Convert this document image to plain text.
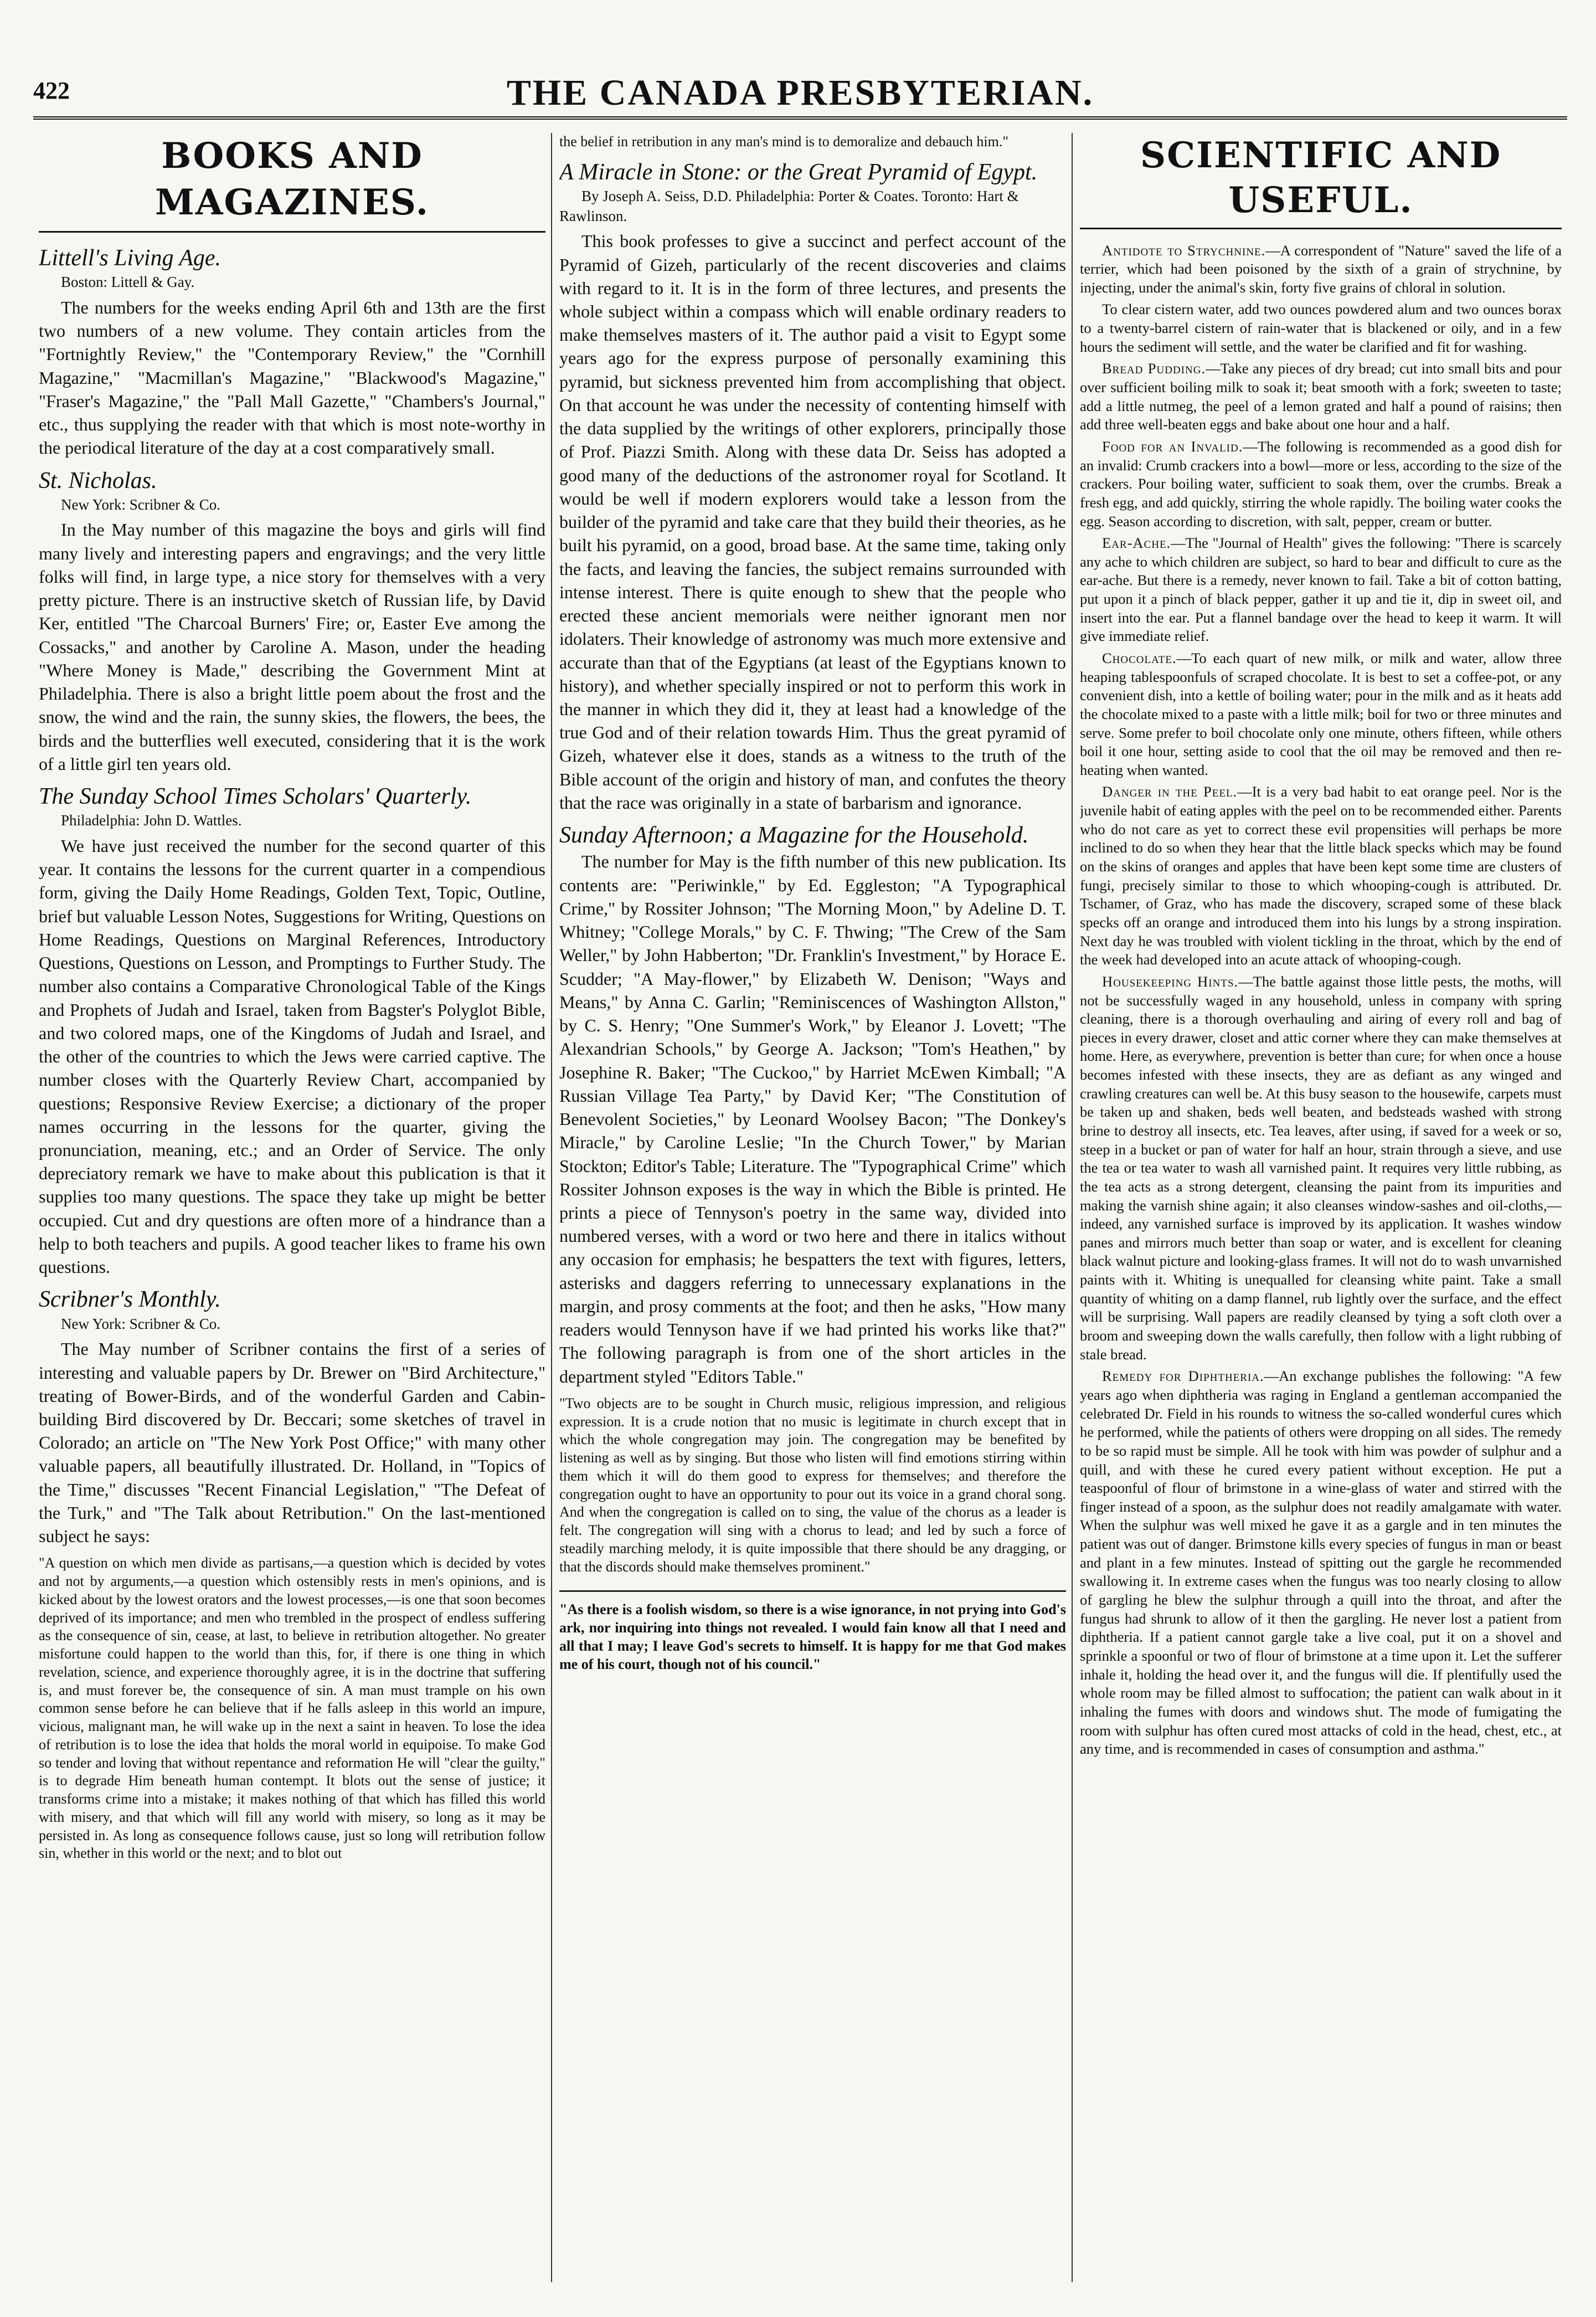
422	THE CANADA PRESBYTERIAN.
BOOKS AND MAGAZINES.
Littell's Living Age.
Boston: Littell & Gay.

The numbers for the weeks ending April 6th and 13th are the first two numbers of a new volume. They contain articles from the "Fortnightly Review," the "Contemporary Review," the "Cornhill Magazine," "Macmillan's Magazine," "Blackwood's Magazine," "Fraser's Magazine," the "Pall Mall Gazette," "Chambers's Journal," etc., thus supplying the reader with that which is most note-worthy in the periodical literature of the day at a cost comparatively small.

St. Nicholas.
New York: Scribner & Co.

In the May number of this magazine the boys and girls will find many lively and interesting papers and engravings; and the very little folks will find, in large type, a nice story for themselves with a very pretty picture. There is an instructive sketch of Russian life, by David Ker, entitled "The Charcoal Burners' Fire; or, Easter Eve among the Cossacks," and another by Caroline A. Mason, under the heading "Where Money is Made," describing the Government Mint at Philadelphia. There is also a bright little poem about the frost and the snow, the wind and the rain, the sunny skies, the flowers, the bees, the birds and the butterflies well executed, considering that it is the work of a little girl ten years old.

The Sunday School Times Scholars' Quarterly.
Philadelphia: John D. Wattles.

We have just received the number for the second quarter of this year. It contains the lessons for the current quarter in a compendious form, giving the Daily Home Readings, Golden Text, Topic, Outline, brief but valuable Lesson Notes, Suggestions for Writing, Questions on Home Readings, Questions on Marginal References, Introductory Questions, Questions on Lesson, and Promptings to Further Study. The number also contains a Comparative Chronological Table of the Kings and Prophets of Judah and Israel, taken from Bagster's Polyglot Bible, and two colored maps, one of the Kingdoms of Judah and Israel, and the other of the countries to which the Jews were carried captive. The number closes with the Quarterly Review Chart, accompanied by questions; Responsive Review Exercise; a dictionary of the proper names occurring in the lessons for the quarter, giving the pronunciation, meaning, etc.; and an Order of Service. The only depreciatory remark we have to make about this publication is that it supplies too many questions. The space they take up might be better occupied. Cut and dry questions are often more of a hindrance than a help to both teachers and pupils. A good teacher likes to frame his own questions.

Scribner's Monthly.
New York: Scribner & Co.

The May number of Scribner contains the first of a series of interesting and valuable papers by Dr. Brewer on "Bird Architecture," treating of Bower-Birds, and of the wonderful Garden and Cabin-building Bird discovered by Dr. Beccari; some sketches of travel in Colorado; an article on "The New York Post Office;" with many other valuable papers, all beautifully illustrated. Dr. Holland, in "Topics of the Time," discusses "Recent Financial Legislation," "The Defeat of the Turk," and "The Talk about Retribution." On the last-mentioned subject he says:

"A question on which men divide as partisans,—a question which is decided by votes and not by arguments,—a question which ostensibly rests in men's opinions, and is kicked about by the lowest orators and the lowest processes,—is one that soon becomes deprived of its importance; and men who trembled in the prospect of endless suffering as the consequence of sin, cease, at last, to believe in retribution altogether. No greater misfortune could happen to the world than this, for, if there is one thing in which revelation, science, and experience thoroughly agree, it is in the doctrine that suffering is, and must forever be, the consequence of sin. A man must trample on his own common sense before he can believe that if he falls asleep in this world an impure, vicious, malignant man, he will wake up in the next a saint in heaven. To lose the idea of retribution is to lose the idea that holds the moral world in equipoise. To make God so tender and loving that without repentance and reformation He will "clear the guilty," is to degrade Him beneath human contempt. It blots out the sense of justice; it transforms crime into a mistake; it makes nothing of that which has filled this world with misery, and that which will fill any world with misery, so long as it may be persisted in. As long as consequence follows cause, just so long will retribution follow sin, whether in this world or the next; and to blot out
the belief in retribution in any man's mind is to demoralize and debauch him."
A Miracle in Stone: or the Great Pyramid of Egypt.
By Joseph A. Seiss, D.D. Philadelphia: Porter & Coates. Toronto: Hart & Rawlinson.

This book professes to give a succinct and perfect account of the Pyramid of Gizeh, particularly of the recent discoveries and claims with regard to it. It is in the form of three lectures, and presents the whole subject within a compass which will enable ordinary readers to make themselves masters of it. The author paid a visit to Egypt some years ago for the express purpose of personally examining this pyramid, but sickness prevented him from accomplishing that object. On that account he was under the necessity of contenting himself with the data supplied by the writings of other explorers, principally those of Prof. Piazzi Smith. Along with these data Dr. Seiss has adopted a good many of the deductions of the astronomer royal for Scotland. It would be well if modern explorers would take a lesson from the builder of the pyramid and take care that they build their theories, as he built his pyramid, on a good, broad base. At the same time, taking only the facts, and leaving the fancies, the subject remains surrounded with intense interest. There is quite enough to shew that the people who erected these ancient memorials were neither ignorant men nor idolaters. Their knowledge of astronomy was much more extensive and accurate than that of the Egyptians (at least of the Egyptians known to history), and whether specially inspired or not to perform this work in the manner in which they did it, they at least had a knowledge of the true God and of their relation towards Him. Thus the great pyramid of Gizeh, whatever else it does, stands as a witness to the truth of the Bible account of the origin and history of man, and confutes the theory that the race was originally in a state of barbarism and ignorance.

Sunday Afternoon; a Magazine for the Household.

The number for May is the fifth number of this new publication. Its contents are: "Periwinkle," by Ed. Eggleston; "A Typographical Crime," by Rossiter Johnson; "The Morning Moon," by Adeline D. T. Whitney; "College Morals," by C. F. Thwing; "The Crew of the Sam Weller," by John Habberton; "Dr. Franklin's Investment," by Horace E. Scudder; "A May-flower," by Elizabeth W. Denison; "Ways and Means," by Anna C. Garlin; "Reminiscences of Washington Allston," by C. S. Henry; "One Summer's Work," by Eleanor J. Lovett; "The Alexandrian Schools," by George A. Jackson; "Tom's Heathen," by Josephine R. Baker; "The Cuckoo," by Harriet McEwen Kimball; "A Russian Village Tea Party," by David Ker; "The Constitution of Benevolent Societies," by Leonard Woolsey Bacon; "The Donkey's Miracle," by Caroline Leslie; "In the Church Tower," by Marian Stockton; Editor's Table; Literature. The "Typographical Crime" which Rossiter Johnson exposes is the way in which the Bible is printed. He prints a piece of Tennyson's poetry in the same way, divided into numbered verses, with a word or two here and there in italics without any occasion for emphasis; he bespatters the text with figures, letters, asterisks and daggers referring to unnecessary explanations in the margin, and prosy comments at the foot; and then he asks, "How many readers would Tennyson have if we had printed his works like that?" The following paragraph is from one of the short articles in the department styled "Editors Table."

"Two objects are to be sought in Church music, religious impression, and religious expression. It is a crude notion that no music is legitimate in church except that in which the whole congregation may join. The congregation may be benefited by listening as well as by singing. But those who listen will find emotions stirring within them which it will do them good to express for themselves; and therefore the congregation ought to have an opportunity to pour out its voice in a grand choral song. And when the congregation is called on to sing, the value of the chorus as a leader is felt. The congregation will sing with a chorus to lead; and led by such a force of steadily marching melody, it is quite impossible that there should be any dragging, or that the discords should make themselves prominent."
"As there is a foolish wisdom, so there is a wise ignorance, in not prying into God's ark, nor inquiring into things not revealed. I would fain know all that I need and all that I may; I leave God's secrets to himself. It is happy for me that God makes me of his court, though not of his council."
SCIENTIFIC AND USEFUL.

Antidote to Strychnine.—A correspondent of "Nature" saved the life of a terrier, which had been poisoned by the sixth of a grain of strychnine, by injecting, under the animal's skin, forty five grains of chloral in solution.

To clear cistern water, add two ounces powdered alum and two ounces borax to a twenty-barrel cistern of rain-water that is blackened or oily, and in a few hours the sediment will settle, and the water be clarified and fit for washing.

Bread Pudding.—Take any pieces of dry bread; cut into small bits and pour over sufficient boiling milk to soak it; beat smooth with a fork; sweeten to taste; add a little nutmeg, the peel of a lemon grated and half a pound of raisins; then add three well-beaten eggs and bake about one hour and a half.

Food for an Invalid.—The following is recommended as a good dish for an invalid: Crumb crackers into a bowl—more or less, according to the size of the crackers. Pour boiling water, sufficient to soak them, over the crumbs. Break a fresh egg, and add quickly, stirring the whole rapidly. The boiling water cooks the egg. Season according to discretion, with salt, pepper, cream or butter.

Ear-Ache.—The "Journal of Health" gives the following: "There is scarcely any ache to which children are subject, so hard to bear and difficult to cure as the ear-ache. But there is a remedy, never known to fail. Take a bit of cotton batting, put upon it a pinch of black pepper, gather it up and tie it, dip in sweet oil, and insert into the ear. Put a flannel bandage over the head to keep it warm. It will give immediate relief.

Chocolate.—To each quart of new milk, or milk and water, allow three heaping tablespoonfuls of scraped chocolate. It is best to set a coffee-pot, or any convenient dish, into a kettle of boiling water; pour in the milk and as it heats add the chocolate mixed to a paste with a little milk; boil for two or three minutes and serve. Some prefer to boil chocolate only one minute, others fifteen, while others boil it one hour, setting aside to cool that the oil may be removed and then re-heating when wanted.

Danger in the Peel.—It is a very bad habit to eat orange peel. Nor is the juvenile habit of eating apples with the peel on to be recommended either. Parents who do not care as yet to correct these evil propensities will perhaps be more inclined to do so when they hear that the little black specks which may be found on the skins of oranges and apples that have been kept some time are clusters of fungi, precisely similar to those to which whooping-cough is attributed. Dr. Tschamer, of Graz, who has made the discovery, scraped some of these black specks off an orange and introduced them into his lungs by a strong inspiration. Next day he was troubled with violent tickling in the throat, which by the end of the week had developed into an acute attack of whooping-cough.

Housekeeping Hints.—The battle against those little pests, the moths, will not be successfully waged in any household, unless in company with spring cleaning, there is a thorough overhauling and airing of every roll and bag of pieces in every drawer, closet and attic corner where they can make themselves at home. Here, as everywhere, prevention is better than cure; for when once a house becomes infested with these insects, they are as defiant as any winged and crawling creatures can well be. At this busy season to the housewife, carpets must be taken up and shaken, beds well beaten, and bedsteads washed with strong brine to destroy all insects, etc. Tea leaves, after using, if saved for a week or so, steep in a bucket or pan of water for half an hour, strain through a sieve, and use the tea or tea water to wash all varnished paint. It requires very little rubbing, as the tea acts as a strong detergent, cleansing the paint from its impurities and making the varnish shine again; it also cleanses window-sashes and oil-cloths,—indeed, any varnished surface is improved by its application. It washes window panes and mirrors much better than soap or water, and is excellent for cleaning black walnut picture and looking-glass frames. It will not do to wash unvarnished paints with it. Whiting is unequalled for cleansing white paint. Take a small quantity of whiting on a damp flannel, rub lightly over the surface, and the effect will be surprising. Wall papers are readily cleansed by tying a soft cloth over a broom and sweeping down the walls carefully, then follow with a light rubbing of stale bread.

Remedy for Diphtheria.—An exchange publishes the following: "A few years ago when diphtheria was raging in England a gentleman accompanied the celebrated Dr. Field in his rounds to witness the so-called wonderful cures which he performed, while the patients of others were dropping on all sides. The remedy to be so rapid must be simple. All he took with him was powder of sulphur and a quill, and with these he cured every patient without exception. He put a teaspoonful of flour of brimstone in a wine-glass of water and stirred with the finger instead of a spoon, as the sulphur does not readily amalgamate with water. When the sulphur was well mixed he gave it as a gargle and in ten minutes the patient was out of danger. Brimstone kills every species of fungus in man or beast and plant in a few minutes. Instead of spitting out the gargle he recommended swallowing it. In extreme cases when the fungus was too nearly closing to allow of gargling he blew the sulphur through a quill into the throat, and after the fungus had shrunk to allow of it then the gargling. He never lost a patient from diphtheria. If a patient cannot gargle take a live coal, put it on a shovel and sprinkle a spoonful or two of flour of brimstone at a time upon it. Let the sufferer inhale it, holding the head over it, and the fungus will die. If plentifully used the whole room may be filled almost to suffocation; the patient can walk about in it inhaling the fumes with doors and windows shut. The mode of fumigating the room with sulphur has often cured most attacks of cold in the head, chest, etc., at any time, and is recommended in cases of consumption and asthma."
